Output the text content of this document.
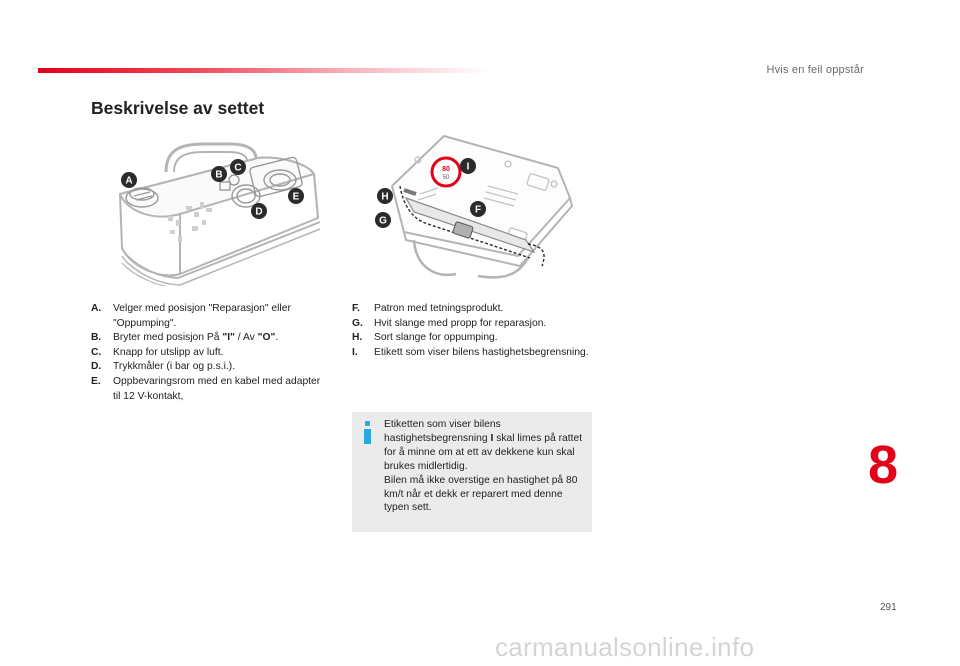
Hvis en feil oppstår
Beskrivelse av settet
A
B
C
D
E
80
50
I
H
F
G
A.	Velger med posisjon "Reparasjon" eller "Oppumping".
B.	Bryter med posisjon På "I" / Av "O".
C.	Knapp for utslipp av luft.
D.	Trykkmåler (i bar og p.s.i.).
E.	Oppbevaringsrom med en kabel med adapter til 12 V-kontakt,
F.	Patron med tetningsprodukt.
G.	Hvit slange med propp for reparasjon.
H.	Sort slange for oppumping.
I.	Etikett som viser bilens hastighetsbegrensning.
Etiketten som viser bilens hastighetsbegrensning I skal limes på rattet for å minne om at ett av dekkene kun skal brukes midlertidig.
Bilen må ikke overstige en hastighet på 80 km/t når et dekk er reparert med denne typen sett.
8
291
carmanualsonline.info
